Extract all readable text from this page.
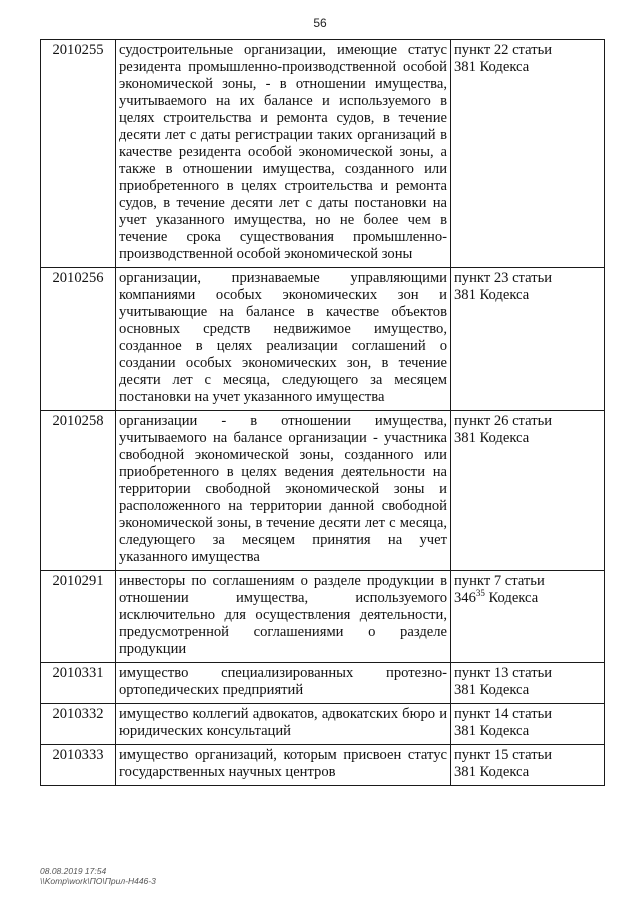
56
2010255	судостроительные организации, имеющие статус резидента промышленно-производственной особой экономической зоны, - в отношении имущества, учитываемого на их балансе и используемого в целях строительства и ремонта судов, в течение десяти лет с даты регистрации таких организаций в качестве резидента особой экономической зоны, а также в отношении имущества, созданного или приобретенного в целях строительства и ремонта судов, в течение десяти лет с даты постановки на учет указанного имущества, но не более чем в течение срока существования промышленно-производственной особой экономической зоны	пункт 22 статьи
381 Кодекса

2010256	организации, признаваемые управляющими компаниями особых экономических зон и учитывающие на балансе в качестве объектов основных средств недвижимое имущество, созданное в целях реализации соглашений о создании особых экономических зон, в течение десяти лет с месяца, следующего за месяцем постановки на учет указанного имущества	пункт 23 статьи
381 Кодекса

2010258	организации - в отношении имущества, учитываемого на балансе организации - участника свободной экономической зоны, созданного или приобретенного в целях ведения деятельности на территории свободной экономической зоны и расположенного на территории данной свободной экономической зоны, в течение десяти лет с месяца, следующего за месяцем принятия на учет указанного имущества	пункт 26 статьи
381 Кодекса

2010291	инвесторы по соглашениям о разделе продукции в отношении имущества, используемого исключительно для осуществления деятельности, предусмотренной соглашениями о разделе продукции	пункт 7 статьи
346$^{35}$ Кодекса

2010331	имущество специализированных протезно-ортопедических предприятий	пункт 13 статьи
381 Кодекса

2010332	имущество коллегий адвокатов, адвокатских бюро и юридических консультаций	пункт 14 статьи
381 Кодекса

2010333	имущество организаций, которым присвоен статус государственных научных центров	пункт 15 статьи
381 Кодекса
08.08.2019 17:54
\\Komp\work\ПО\Прил-Н446-3
